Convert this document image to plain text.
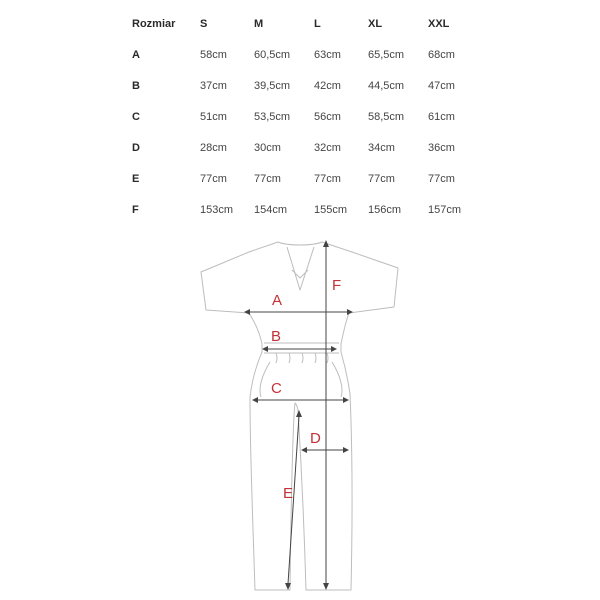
Rozmiar	S	M	L	XL	XXL
A	58cm	60,5cm	63cm	65,5cm	68cm
B	37cm	39,5cm	42cm	44,5cm	47cm
C	51cm	53,5cm	56cm	58,5cm	61cm
D	28cm	30cm	32cm	34cm	36cm
E	77cm	77cm	77cm	77cm	77cm
F	153cm	154cm	155cm	156cm	157cm
A
B
C
D
E
F
